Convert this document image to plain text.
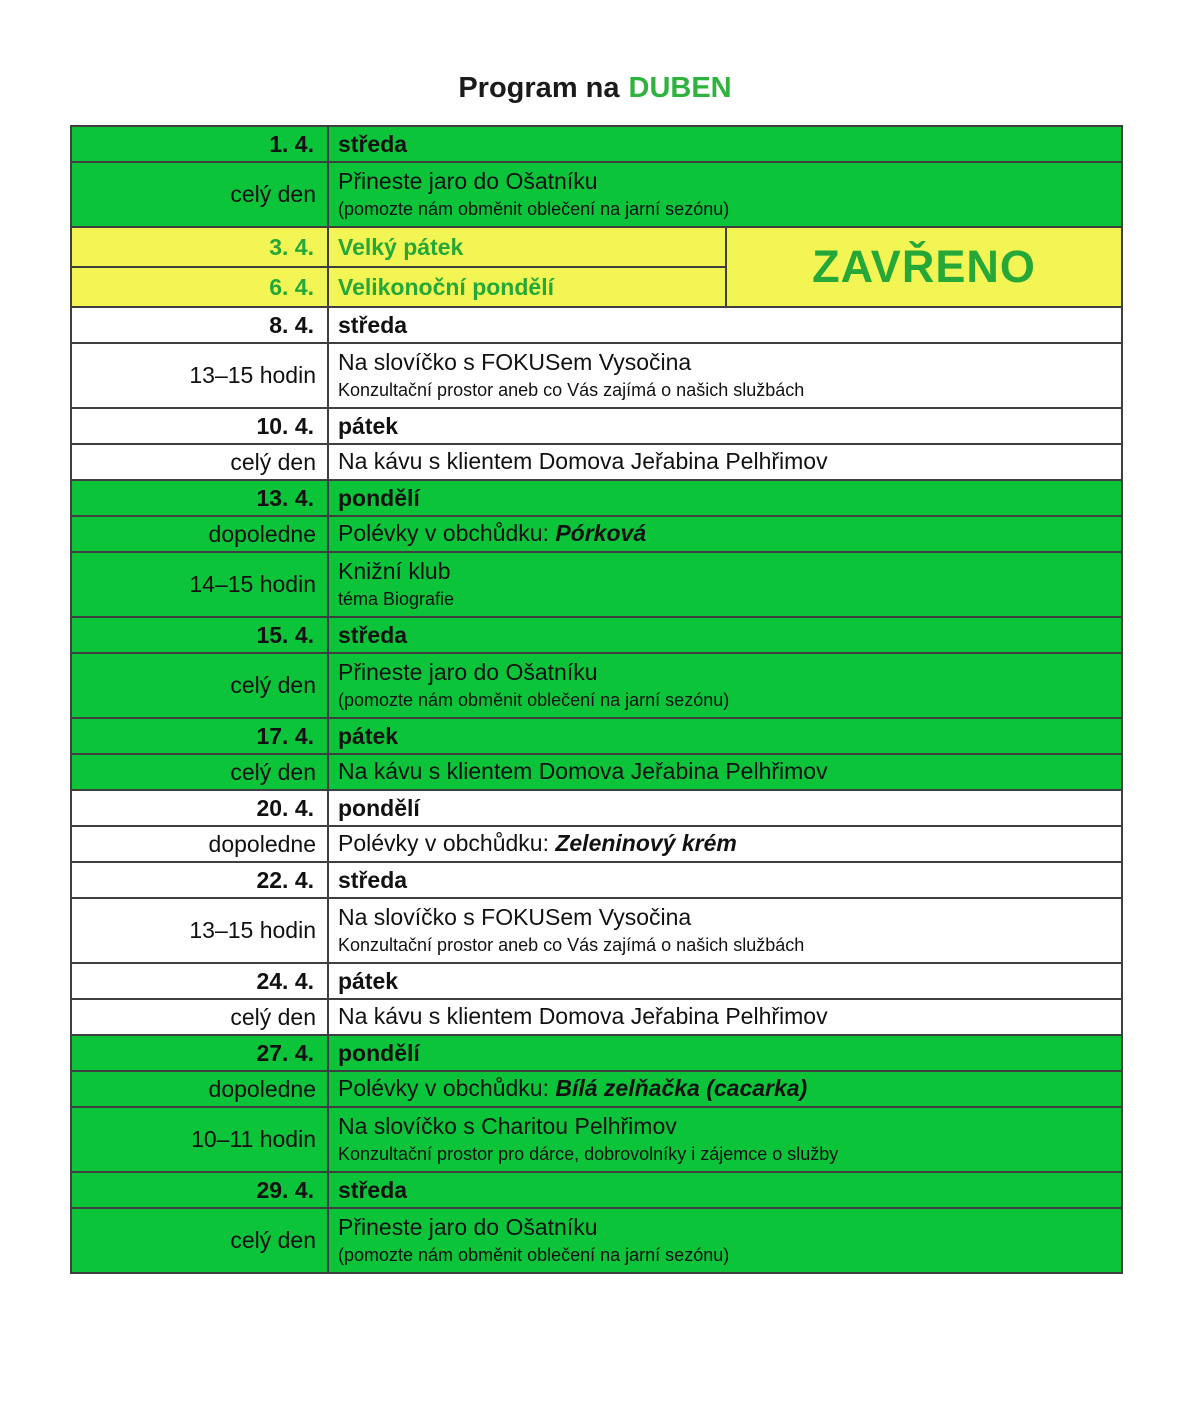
Program na DUBEN
1. 4.	středa	
celý den	Přineste jaro do Ošatníku
(pomozte nám obměnit oblečení na jarní sezónu)	

3. 4.	Velký pátek	ZAVŘENO
6. 4.	Velikonoční pondělí	
8. 4.	středa	
13–15 hodin	Na slovíčko s FOKUSem Vysočina
Konzultační prostor aneb co Vás zajímá o našich službách	

10. 4.	pátek	
celý den	Na kávu s klientem Domova Jeřabina Pelhřimov	

13. 4.	pondělí	
dopoledne	Polévky v obchůdku: Pórková	

14–15 hodin	Knižní klub
téma Biografie	

15. 4.	středa	
celý den	Přineste jaro do Ošatníku
(pomozte nám obměnit oblečení na jarní sezónu)	

17. 4.	pátek	
celý den	Na kávu s klientem Domova Jeřabina Pelhřimov	

20. 4.	pondělí	
dopoledne	Polévky v obchůdku: Zeleninový krém	

22. 4.	středa	
13–15 hodin	Na slovíčko s FOKUSem Vysočina
Konzultační prostor aneb co Vás zajímá o našich službách	

24. 4.	pátek	
celý den	Na kávu s klientem Domova Jeřabina Pelhřimov	

27. 4.	pondělí	
dopoledne	Polévky v obchůdku: Bílá zelňačka (cacarka)	

10–11 hodin	Na slovíčko s Charitou Pelhřimov
Konzultační prostor pro dárce, dobrovolníky i zájemce o služby	

29. 4.	středa	
celý den	Přineste jaro do Ošatníku
(pomozte nám obměnit oblečení na jarní sezónu)	
